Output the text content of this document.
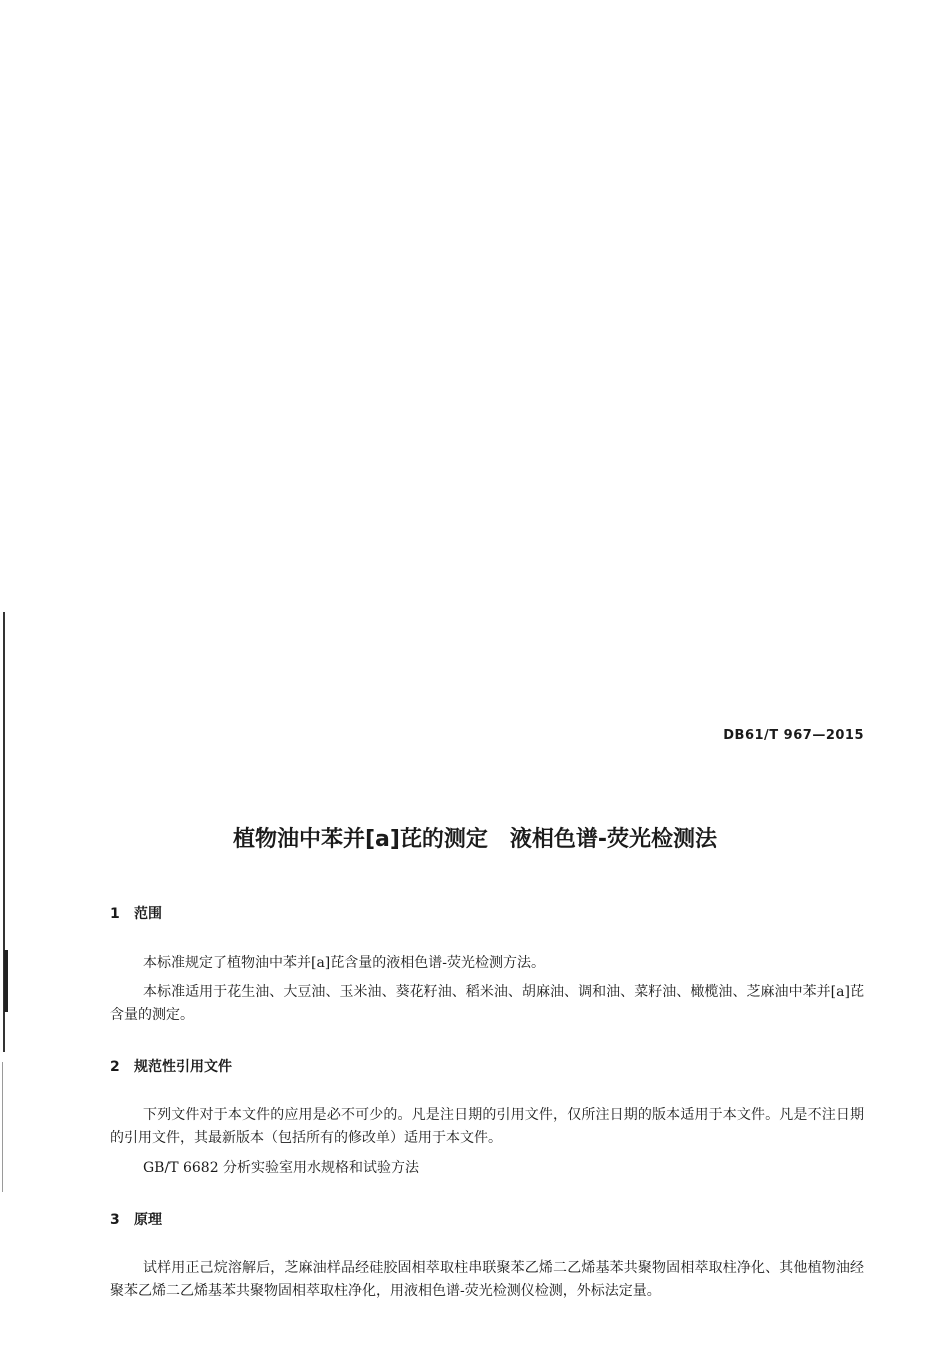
DB61/T 967—2015
植物油中苯并[a]芘的测定　液相色谱-荧光检测法
1 范围
本标准规定了植物油中苯并[a]芘含量的液相色谱-荧光检测方法。
本标准适用于花生油、大豆油、玉米油、葵花籽油、稻米油、胡麻油、调和油、菜籽油、橄榄油、芝麻油中苯并[a]芘含量的测定。
2 规范性引用文件
下列文件对于本文件的应用是必不可少的。凡是注日期的引用文件，仅所注日期的版本适用于本文件。凡是不注日期的引用文件，其最新版本（包括所有的修改单）适用于本文件。
GB/T 6682 分析实验室用水规格和试验方法
3 原理
试样用正己烷溶解后，芝麻油样品经硅胶固相萃取柱串联聚苯乙烯二乙烯基苯共聚物固相萃取柱净化、其他植物油经聚苯乙烯二乙烯基苯共聚物固相萃取柱净化，用液相色谱-荧光检测仪检测，外标法定量。
